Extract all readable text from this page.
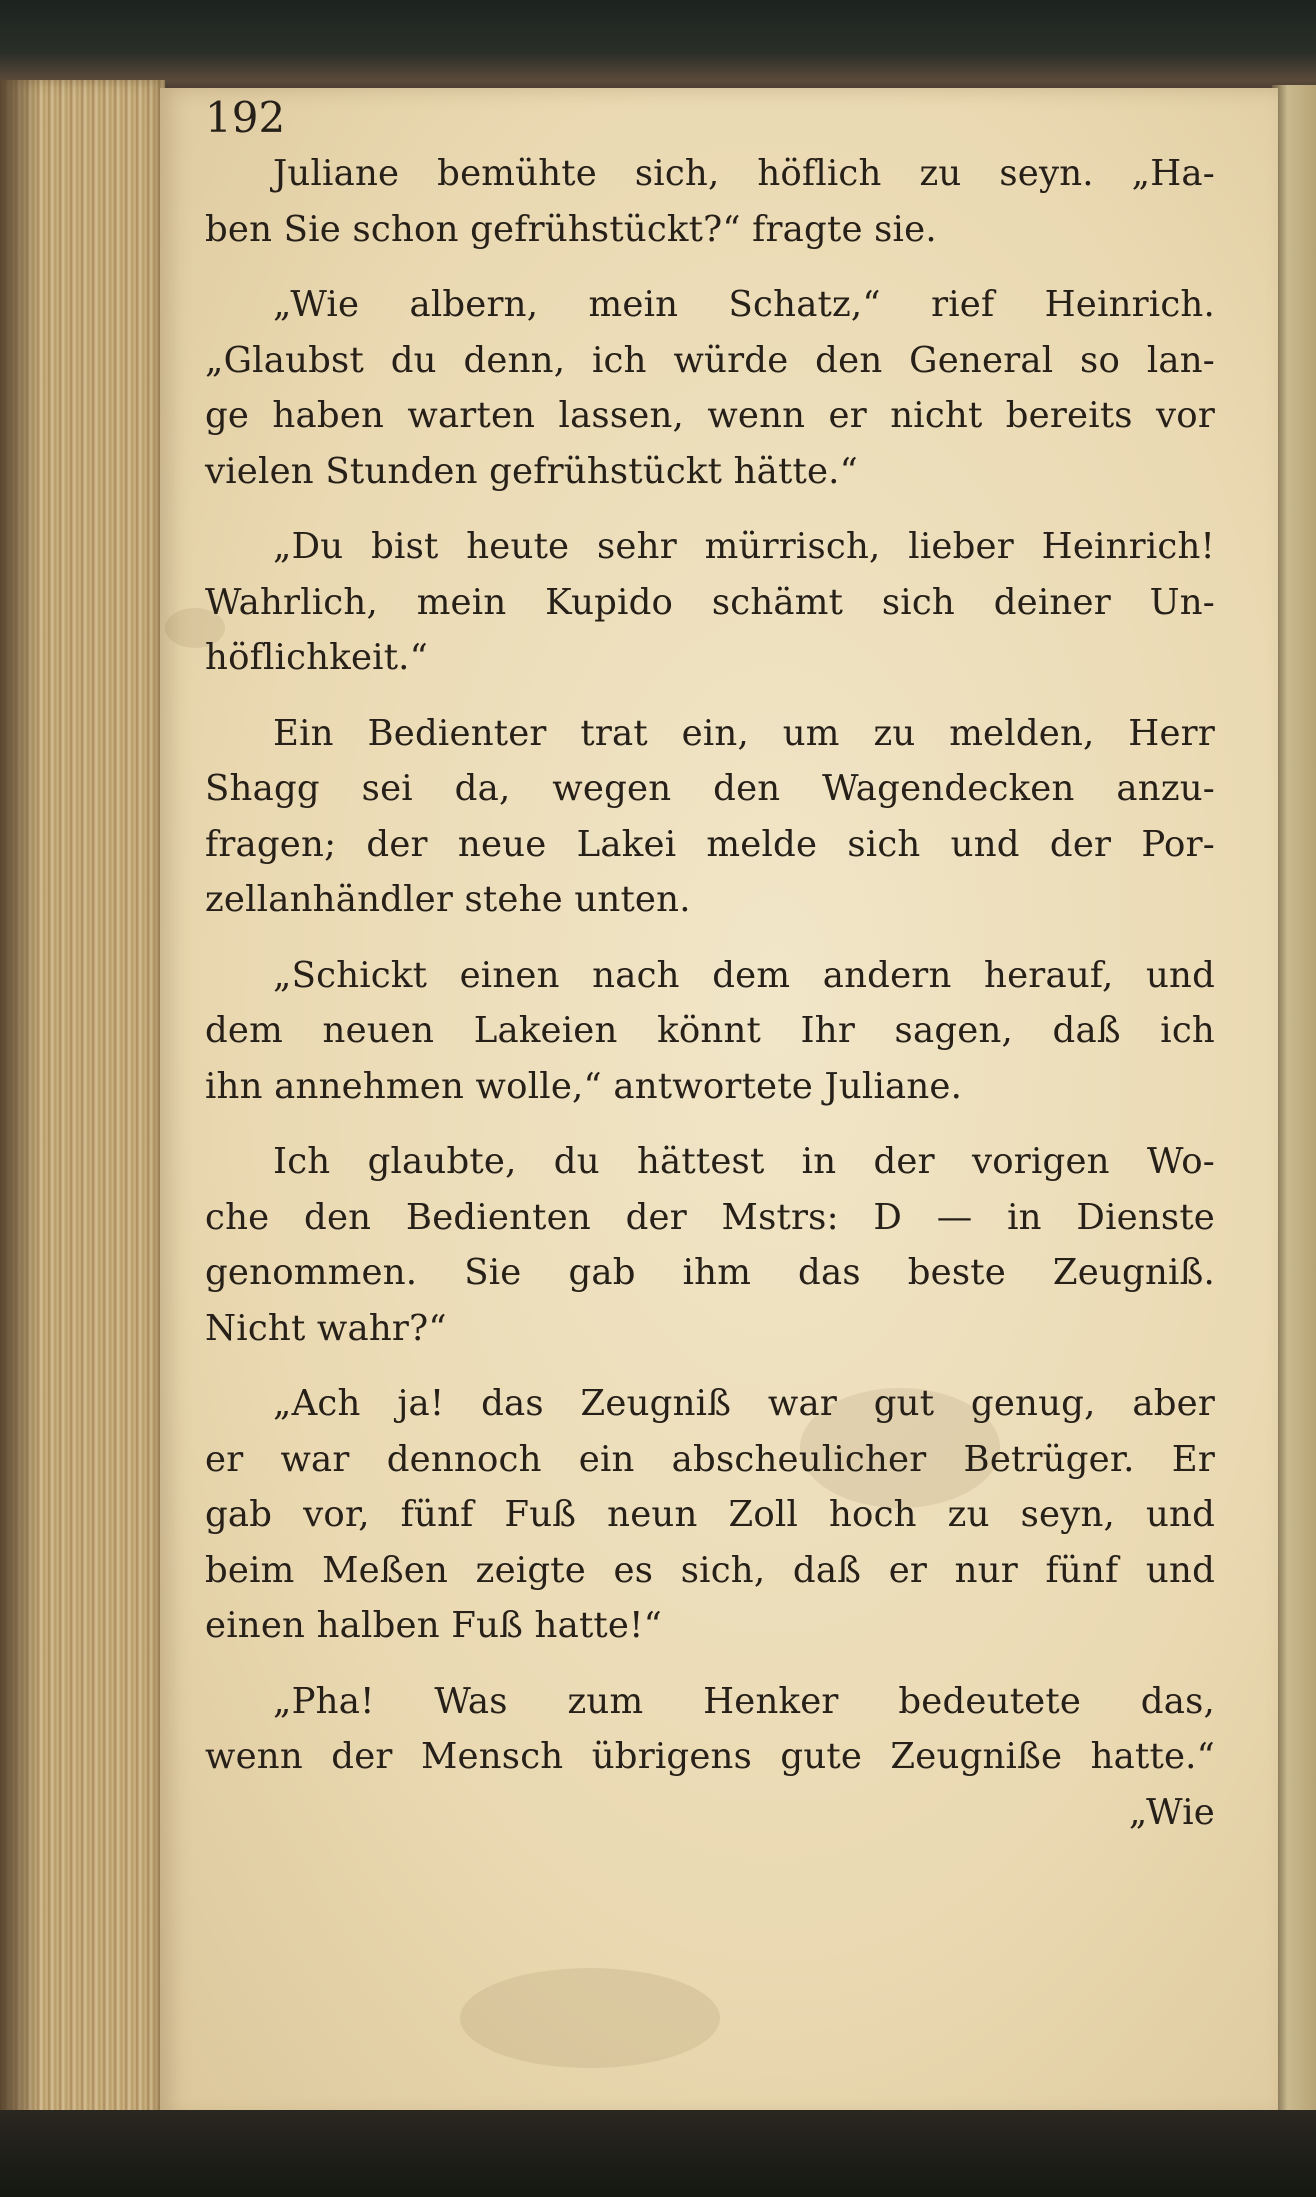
192
Juliane bemühte sich, höflich zu seyn. „Ha-
ben Sie schon gefrühstückt?“ fragte sie.
„Wie albern, mein Schatz,“ rief Heinrich.
„Glaubst du denn, ich würde den General so lan-
ge haben warten lassen, wenn er nicht bereits vor
vielen Stunden gefrühstückt hätte.“
„Du bist heute sehr mürrisch, lieber Heinrich!
Wahrlich, mein Kupido schämt sich deiner Un-
höflichkeit.“
Ein Bedienter trat ein, um zu melden, Herr
Shagg sei da, wegen den Wagendecken anzu-
fragen; der neue Lakei melde sich und der Por-
zellanhändler stehe unten.
„Schickt einen nach dem andern herauf, und
dem neuen Lakeien könnt Ihr sagen, daß ich
ihn annehmen wolle,“ antwortete Juliane.
Ich glaubte, du hättest in der vorigen Wo-
che den Bedienten der Mstrs: D — in Dienste
genommen. Sie gab ihm das beste Zeugniß.
Nicht wahr?“
„Ach ja! das Zeugniß war gut genug, aber
er war dennoch ein abscheulicher Betrüger. Er
gab vor, fünf Fuß neun Zoll hoch zu seyn, und
beim Meßen zeigte es sich, daß er nur fünf und
einen halben Fuß hatte!“
„Pha! Was zum Henker bedeutete das,
wenn der Mensch übrigens gute Zeugniße hatte.“
„Wie
